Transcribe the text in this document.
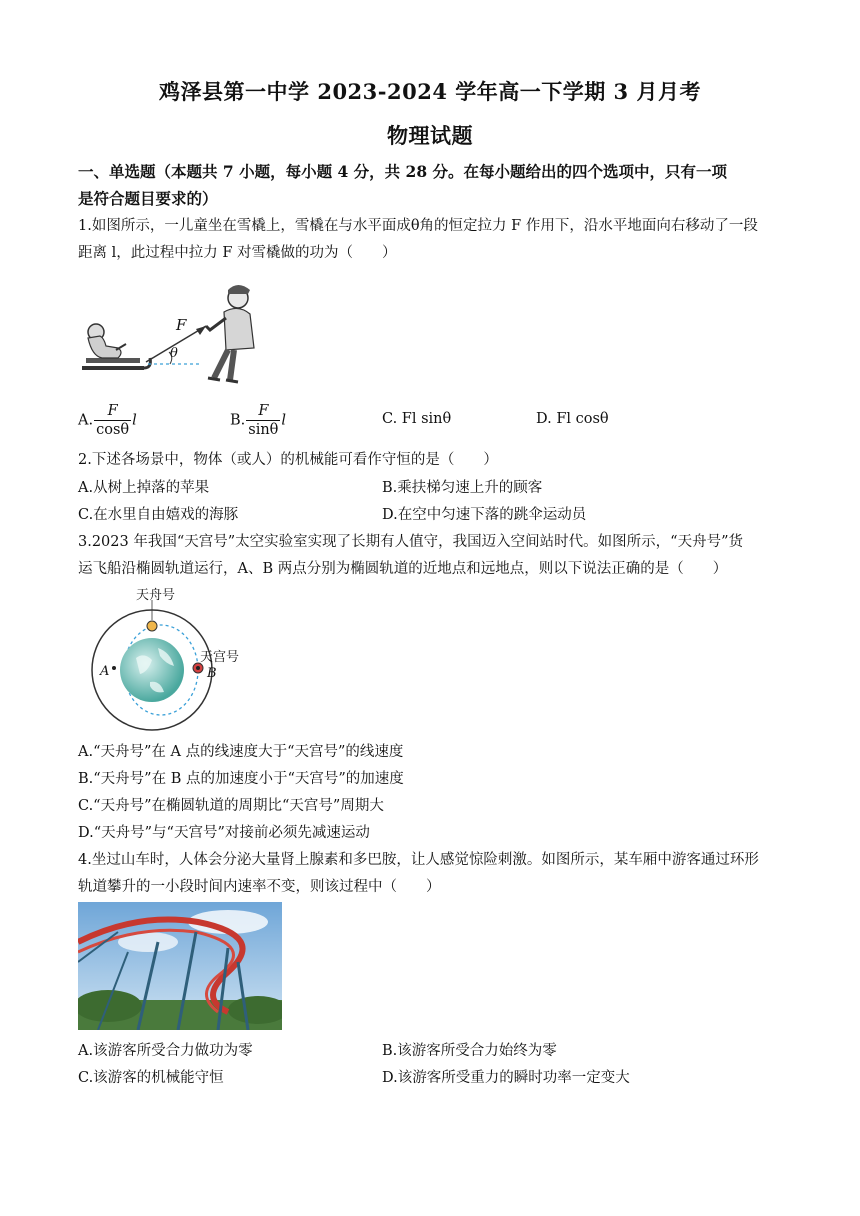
鸡泽县第一中学 2023-2024 学年高一下学期 3 月月考
物理试题
一、单选题（本题共 7 小题，每小题 4 分，共 28 分。在每小题给出的四个选项中，只有一项
是符合题目要求的）
1.如图所示，一儿童坐在雪橇上，雪橇在与水平面成θ角的恒定拉力 F 作用下，沿水平地面向右移动了一段
距离 l，此过程中拉力 F 对雪橇做的功为（　　）
F
θ
A. $\frac{F}{\cos\theta}$ l	B. $\frac{F}{\sin\theta}$ l	C. Fl sinθ	D. Fl cosθ
2.下述各场景中，物体（或人）的机械能可看作守恒的是（　　）
A.从树上掉落的苹果	B.乘扶梯匀速上升的顾客
C.在水里自由嬉戏的海豚	D.在空中匀速下落的跳伞运动员
3.2023 年我国“天宫号”太空实验室实现了长期有人值守，我国迈入空间站时代。如图所示，“天舟号”货
运飞船沿椭圆轨道运行，A、B 两点分别为椭圆轨道的近地点和远地点，则以下说法正确的是（　　）
天舟号
天宫号
A	B
A.“天舟号”在 A 点的线速度大于“天宫号”的线速度
B.“天舟号”在 B 点的加速度小于“天宫号”的加速度
C.“天舟号”在椭圆轨道的周期比“天宫号”周期大
D.“天舟号”与“天宫号”对接前必须先减速运动
4.坐过山车时，人体会分泌大量肾上腺素和多巴胺，让人感觉惊险刺激。如图所示，某车厢中游客通过环形
轨道攀升的一小段时间内速率不变，则该过程中（　　）
A.该游客所受合力做功为零	B.该游客所受合力始终为零
C.该游客的机械能守恒	D.该游客所受重力的瞬时功率一定变大
